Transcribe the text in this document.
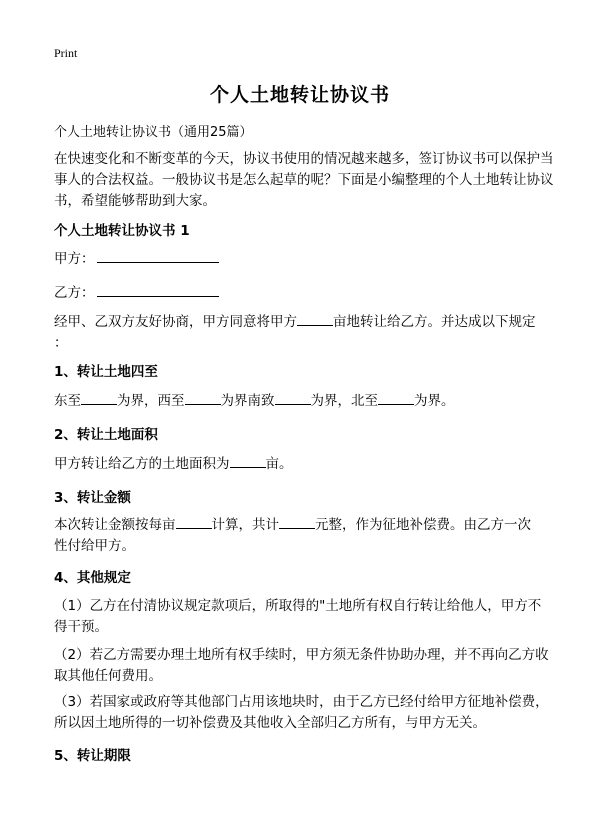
Print
个人土地转让协议书
个人土地转让协议书（通用25篇）
在快速变化和不断变革的今天，协议书使用的情况越来越多，签订协议书可以保护当事人的合法权益。一般协议书是怎么起草的呢？下面是小编整理的个人土地转让协议书，希望能够帮助到大家。
个人土地转让协议书 1
甲方：
乙方：
经甲、乙双方友好协商，甲方同意将甲方	亩地转让给乙方。并达成以下规定
：
1、转让土地四至
东至	为界，西至	为界南致	为界，北至	为界。
2、转让土地面积
甲方转让给乙方的土地面积为	亩。
3、转让金额
本次转让金额按每亩	计算，共计	元整，作为征地补偿费。由乙方一次
性付给甲方。
4、其他规定
（1）乙方在付清协议规定款项后，所取得的"土地所有权自行转让给他人，甲方不得干预。
（2）若乙方需要办理土地所有权手续时，甲方须无条件协助办理，并不再向乙方收取其他任何费用。
（3）若国家或政府等其他部门占用该地块时，由于乙方已经付给甲方征地补偿费，所以因土地所得的一切补偿费及其他收入全部归乙方所有，与甲方无关。
5、转让期限
